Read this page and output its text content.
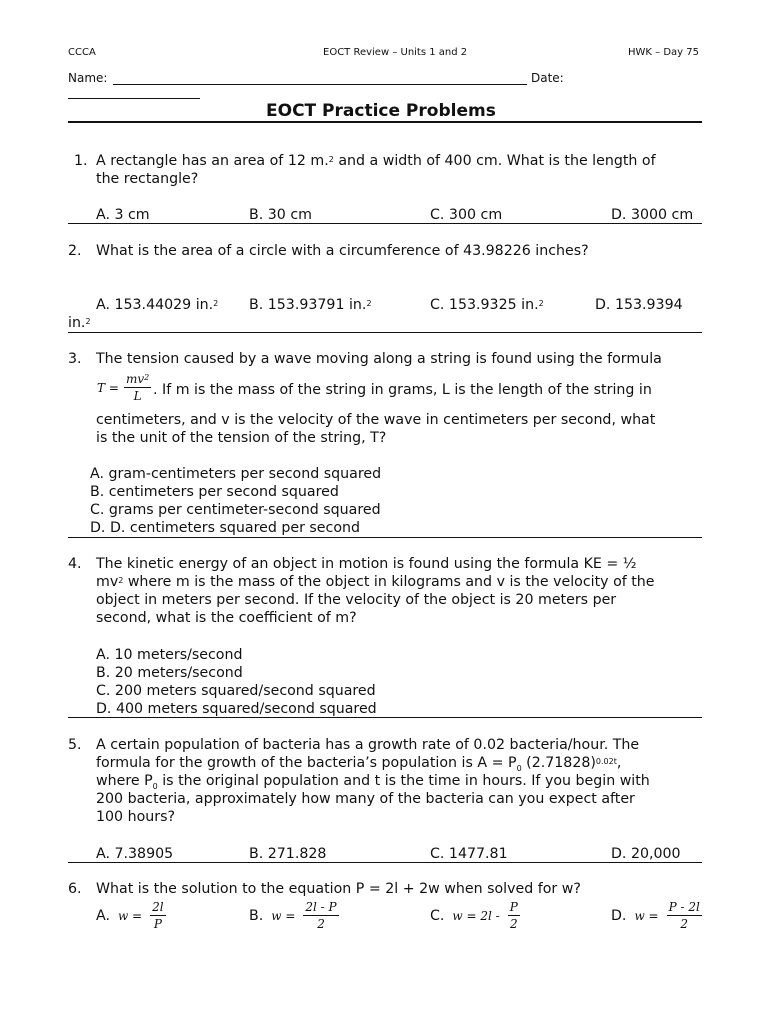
CCCA	EOCT Review – Units 1 and 2	HWK – Day 75
Name:	Date:
EOCT Practice Problems
1. A rectangle has an area of 12 m.$^2$ and a width of 400 cm. What is the length of
the rectangle?
A. 3 cm	B. 30 cm	C. 300 cm	D. 3000 cm
2. What is the area of a circle with a circumference of 43.98226 inches?
A. 153.44029 in.$^2$ B. 153.93791 in.$^2$	C. 153.9325 in.$^2$	D. 153.9394
in.$^2$
3. The tension caused by a wave moving along a string is found using the formula
$T = \frac{mv^2}{L}$ . If m is the mass of the string in grams, L is the length of the string in
centimeters, and v is the velocity of the wave in centimeters per second, what
is the unit of the tension of the string, T?
A. gram-centimeters per second squared
B. centimeters per second squared
C. grams per centimeter-second squared
D. D. centimeters squared per second
4. The kinetic energy of an object in motion is found using the formula KE = ½
$mv^2$ where m is the mass of the object in kilograms and v is the velocity of the
object in meters per second. If the velocity of the object is 20 meters per
second, what is the coefficient of m?
A. 10 meters/second
B. 20 meters/second
C. 200 meters squared/second squared
D. 400 meters squared/second squared
5. A certain population of bacteria has a growth rate of 0.02 bacteria/hour. The
formula for the growth of the bacteria’s population is $A = P_0$ $(2.71828)^{0.02t}$,
where $P_0$ is the original population and t is the time in hours. If you begin with
200 bacteria, approximately how many of the bacteria can you expect after
100 hours?
A. 7.38905	B. 271.828	C. 1477.81	D. 20,000
6. What is the solution to the equation P = 2l + 2w when solved for w?
A. $w = \frac{2l}{P}$	B. $w = \frac{2l - P}{2}$	C. $w = 2l - \frac{P}{2}$	D. $w = \frac{P - 2l}{2}$
